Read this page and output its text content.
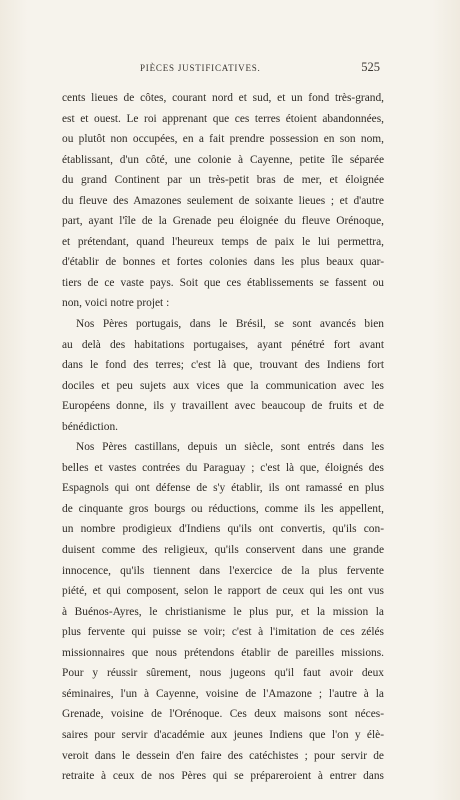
PIÈCES JUSTIFICATIVES.	525
cents lieues de côtes, courant nord et sud, et un fond très-grand,
est et ouest. Le roi apprenant que ces terres étoient abandonnées,
ou plutôt non occupées, en a fait prendre possession en son nom,
établissant, d'un côté, une colonie à Cayenne, petite île séparée
du grand Continent par un très-petit bras de mer, et éloignée
du fleuve des Amazones seulement de soixante lieues ; et d'autre
part, ayant l'île de la Grenade peu éloignée du fleuve Orénoque,
et prétendant, quand l'heureux temps de paix le lui permettra,
d'établir de bonnes et fortes colonies dans les plus beaux quar-
tiers de ce vaste pays. Soit que ces établissements se fassent ou
non, voici notre projet :
Nos Pères portugais, dans le Brésil, se sont avancés bien
au delà des habitations portugaises, ayant pénétré fort avant
dans le fond des terres; c'est là que, trouvant des Indiens fort
dociles et peu sujets aux vices que la communication avec les
Européens donne, ils y travaillent avec beaucoup de fruits et de
bénédiction.
Nos Pères castillans, depuis un siècle, sont entrés dans les
belles et vastes contrées du Paraguay ; c'est là que, éloignés des
Espagnols qui ont défense de s'y établir, ils ont ramassé en plus
de cinquante gros bourgs ou réductions, comme ils les appellent,
un nombre prodigieux d'Indiens qu'ils ont convertis, qu'ils con-
duisent comme des religieux, qu'ils conservent dans une grande
innocence, qu'ils tiennent dans l'exercice de la plus fervente
piété, et qui composent, selon le rapport de ceux qui les ont vus
à Buénos-Ayres, le christianisme le plus pur, et la mission la
plus fervente qui puisse se voir; c'est à l'imitation de ces zélés
missionnaires que nous prétendons établir de pareilles missions.
Pour y réussir sûrement, nous jugeons qu'il faut avoir deux
séminaires, l'un à Cayenne, voisine de l'Amazone ; l'autre à la
Grenade, voisine de l'Orénoque. Ces deux maisons sont néces-
saires pour servir d'académie aux jeunes Indiens que l'on y élè-
veroit dans le dessein d'en faire des catéchistes ; pour servir de
retraite à ceux de nos Pères qui se prépareroient à entrer dans
